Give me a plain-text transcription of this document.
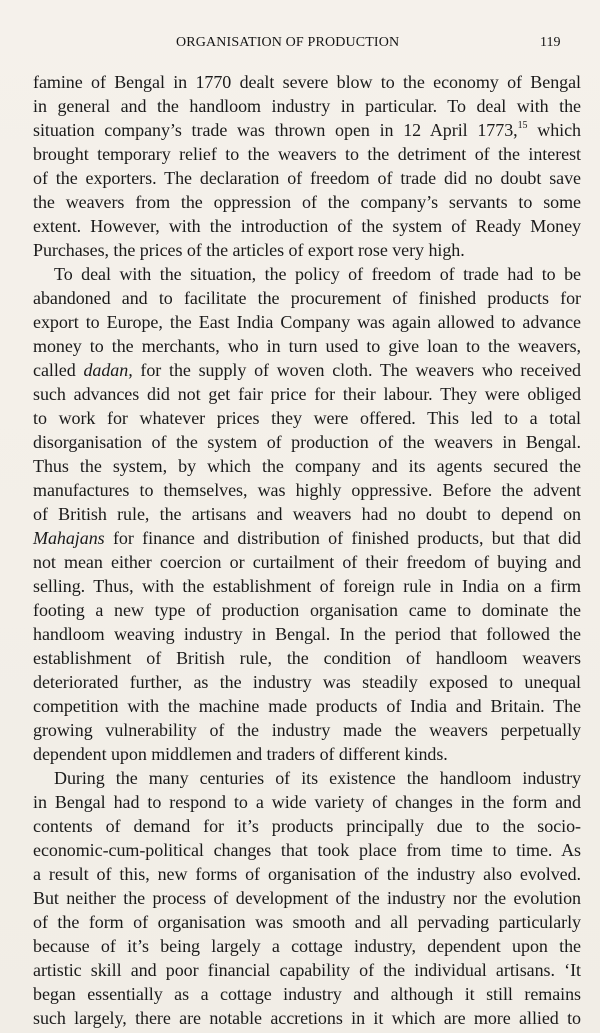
ORGANISATION OF PRODUCTION	119
famine of Bengal in 1770 dealt severe blow to the economy of Bengal
in general and the handloom industry in particular. To deal with the
situation company’s trade was thrown open in 12 April 1773,15 which
brought temporary relief to the weavers to the detriment of the interest
of the exporters. The declaration of freedom of trade did no doubt save
the weavers from the oppression of the company’s servants to some
extent. However, with the introduction of the system of Ready Money
Purchases, the prices of the articles of export rose very high.
To deal with the situation, the policy of freedom of trade had to be
abandoned and to facilitate the procurement of finished products for
export to Europe, the East India Company was again allowed to advance
money to the merchants, who in turn used to give loan to the weavers,
called dadan, for the supply of woven cloth. The weavers who received
such advances did not get fair price for their labour. They were obliged
to work for whatever prices they were offered. This led to a total
disorganisation of the system of production of the weavers in Bengal.
Thus the system, by which the company and its agents secured the
manufactures to themselves, was highly oppressive. Before the advent
of British rule, the artisans and weavers had no doubt to depend on
Mahajans for finance and distribution of finished products, but that did
not mean either coercion or curtailment of their freedom of buying and
selling. Thus, with the establishment of foreign rule in India on a firm
footing a new type of production organisation came to dominate the
handloom weaving industry in Bengal. In the period that followed the
establishment of British rule, the condition of handloom weavers
deteriorated further, as the industry was steadily exposed to unequal
competition with the machine made products of India and Britain. The
growing vulnerability of the industry made the weavers perpetually
dependent upon middlemen and traders of different kinds.
During the many centuries of its existence the handloom industry
in Bengal had to respond to a wide variety of changes in the form and
contents of demand for it’s products principally due to the socio-
economic-cum-political changes that took place from time to time. As
a result of this, new forms of organisation of the industry also evolved.
But neither the process of development of the industry nor the evolution
of the form of organisation was smooth and all pervading particularly
because of it’s being largely a cottage industry, dependent upon the
artistic skill and poor financial capability of the individual artisans. ‘It
began essentially as a cottage industry and although it still remains
such largely, there are notable accretions in it which are more allied to
